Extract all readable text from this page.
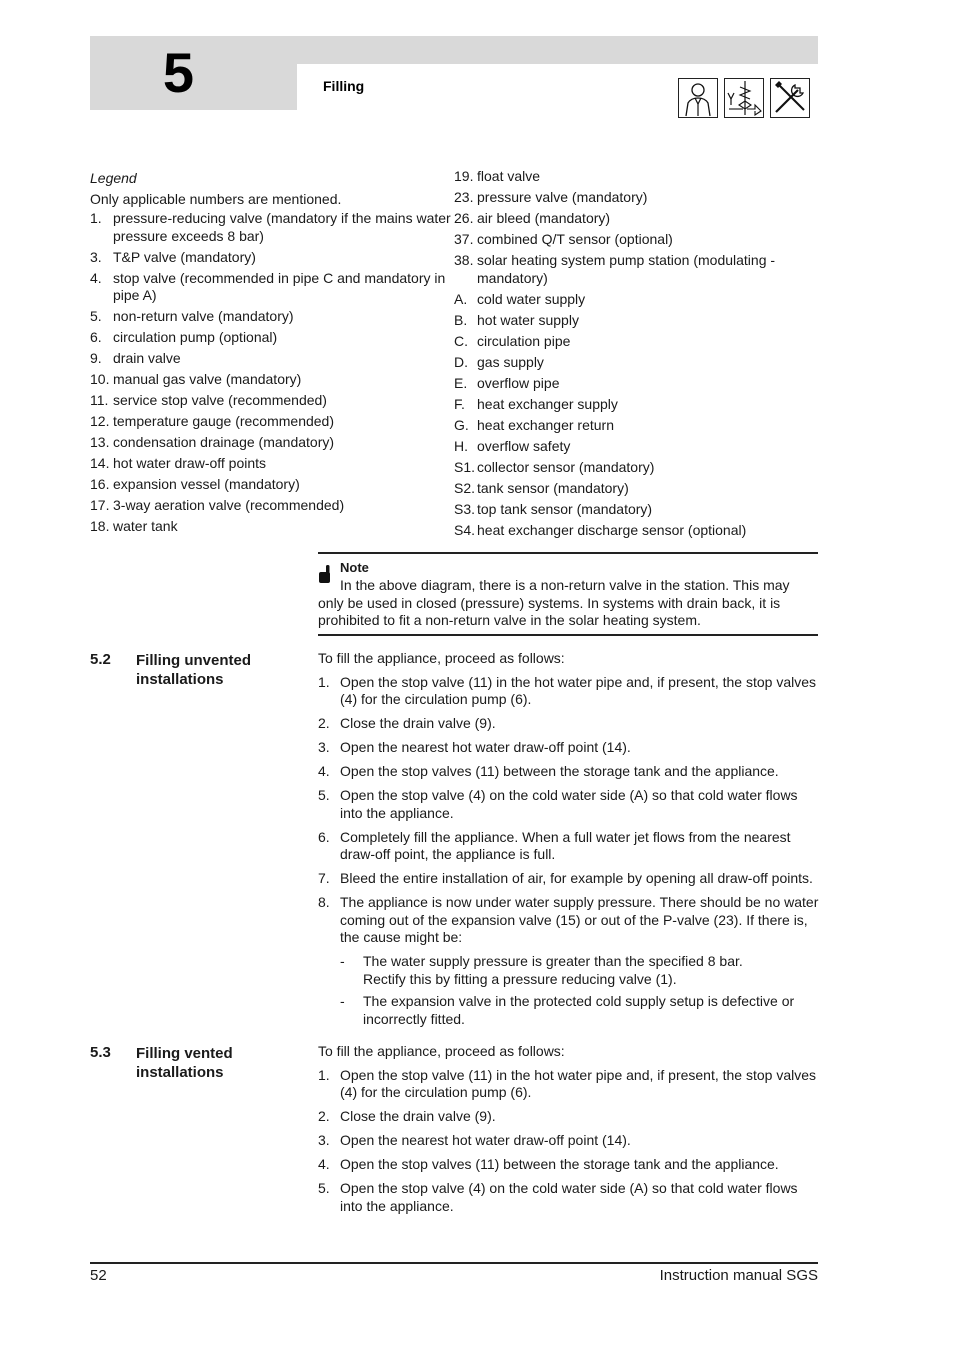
5	Filling
Legend
Only applicable numbers are mentioned.
1. pressure-reducing valve (mandatory if the mains water pressure exceeds 8 bar)
3. T&P valve (mandatory)
4. stop valve (recommended in pipe C and mandatory in pipe A)
5. non-return valve (mandatory)
6. circulation pump (optional)
9. drain valve
10. manual gas valve (mandatory)
11. service stop valve (recommended)
12. temperature gauge (recommended)
13. condensation drainage (mandatory)
14. hot water draw-off points
16. expansion vessel (mandatory)
17. 3-way aeration valve (recommended)
18. water tank
19. float valve
23. pressure valve (mandatory)
26. air bleed (mandatory)
37. combined Q/T sensor (optional)
38. solar heating system pump station (modulating - mandatory)
A. cold water supply
B. hot water supply
C. circulation pipe
D. gas supply
E. overflow pipe
F. heat exchanger supply
G. heat exchanger return
H. overflow safety
S1. collector sensor (mandatory)
S2. tank sensor (mandatory)
S3. top tank sensor (mandatory)
S4. heat exchanger discharge sensor (optional)
Note
In the above diagram, there is a non-return valve in the station. This may
only be used in closed (pressure) systems. In systems with drain back, it is
prohibited to fit a non-return valve in the solar heating system.
5.2 Filling unvented installations
To fill the appliance, proceed as follows:
1. Open the stop valve (11) in the hot water pipe and, if present, the stop valves (4) for the circulation pump (6).
2. Close the drain valve (9).
3. Open the nearest hot water draw-off point (14).
4. Open the stop valves (11) between the storage tank and the appliance.
5. Open the stop valve (4) on the cold water side (A) so that cold water flows into the appliance.
6. Completely fill the appliance. When a full water jet flows from the nearest draw-off point, the appliance is full.
7. Bleed the entire installation of air, for example by opening all draw-off points.
8. The appliance is now under water supply pressure. There should be no water coming out of the expansion valve (15) or out of the P-valve (23). If there is, the cause might be:
-	The water supply pressure is greater than the specified 8 bar.
Rectify this by fitting a pressure reducing valve (1).
-	The expansion valve in the protected cold supply setup is defective or incorrectly fitted.
5.3 Filling vented installations
To fill the appliance, proceed as follows:
1. Open the stop valve (11) in the hot water pipe and, if present, the stop valves (4) for the circulation pump (6).
2. Close the drain valve (9).
3. Open the nearest hot water draw-off point (14).
4. Open the stop valves (11) between the storage tank and the appliance.
5. Open the stop valve (4) on the cold water side (A) so that cold water flows into the appliance.
52	Instruction manual SGS
